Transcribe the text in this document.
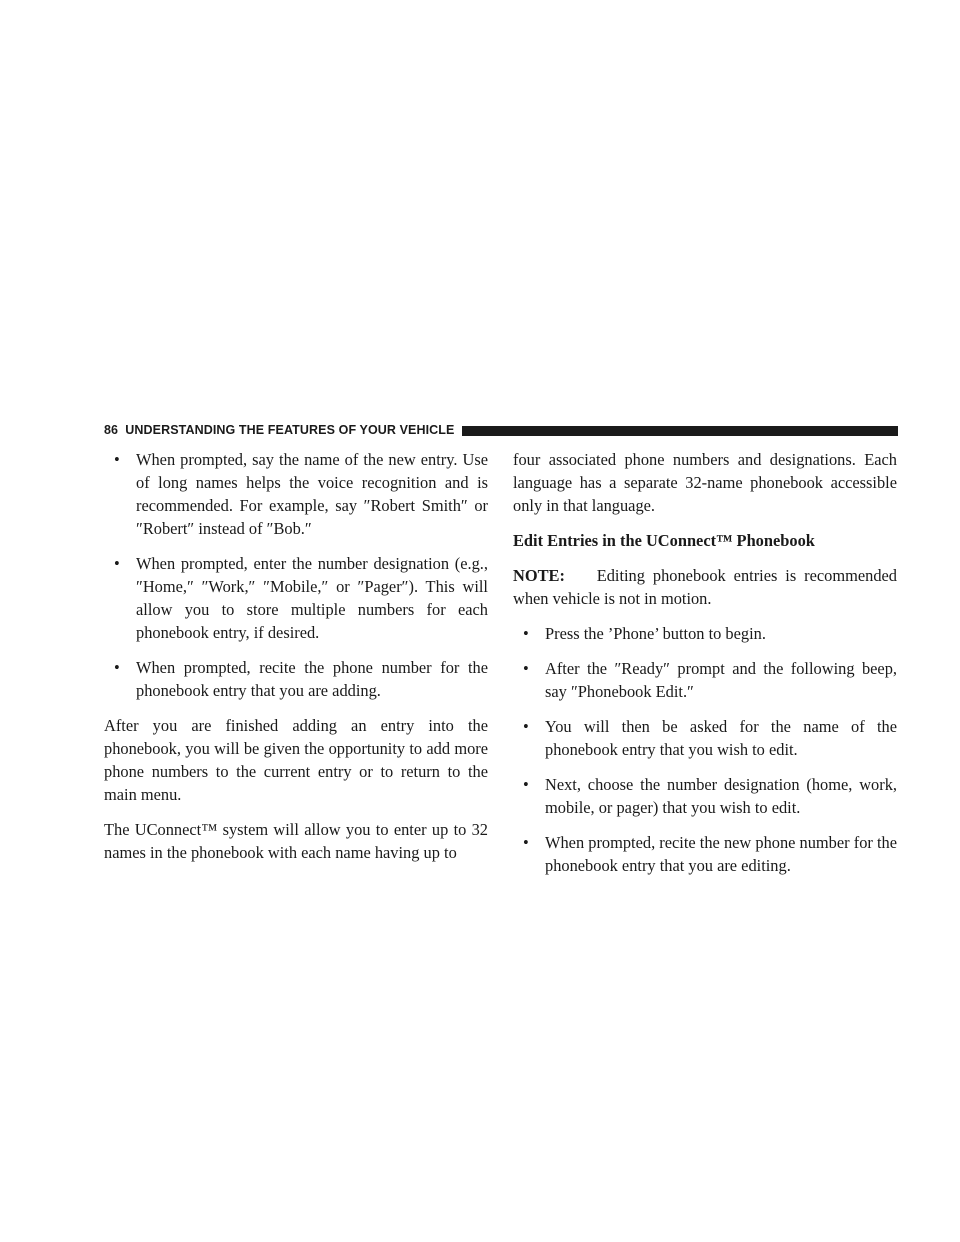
86 UNDERSTANDING THE FEATURES OF YOUR VEHICLE
• When prompted, say the name of the new entry. Use of long names helps the voice recognition and is recommended. For example, say ″Robert Smith″ or ″Robert″ instead of ″Bob.″
• When prompted, enter the number designation (e.g., ″Home,″ ″Work,″ ″Mobile,″ or ″Pager″). This will allow you to store multiple numbers for each phonebook entry, if desired.
• When prompted, recite the phone number for the phonebook entry that you are adding.

After you are finished adding an entry into the phonebook, you will be given the opportunity to add more phone numbers to the current entry or to return to the main menu.

The UConnect™ system will allow you to enter up to 32 names in the phonebook with each name having up to

four associated phone numbers and designations. Each language has a separate 32-name phonebook accessible only in that language.

Edit Entries in the UConnect™ Phonebook

NOTE: Editing phonebook entries is recommended when vehicle is not in motion.

• Press the ’Phone’ button to begin.
• After the ″Ready″ prompt and the following beep, say ″Phonebook Edit.″
• You will then be asked for the name of the phonebook entry that you wish to edit.
• Next, choose the number designation (home, work, mobile, or pager) that you wish to edit.
• When prompted, recite the new phone number for the phonebook entry that you are editing.
